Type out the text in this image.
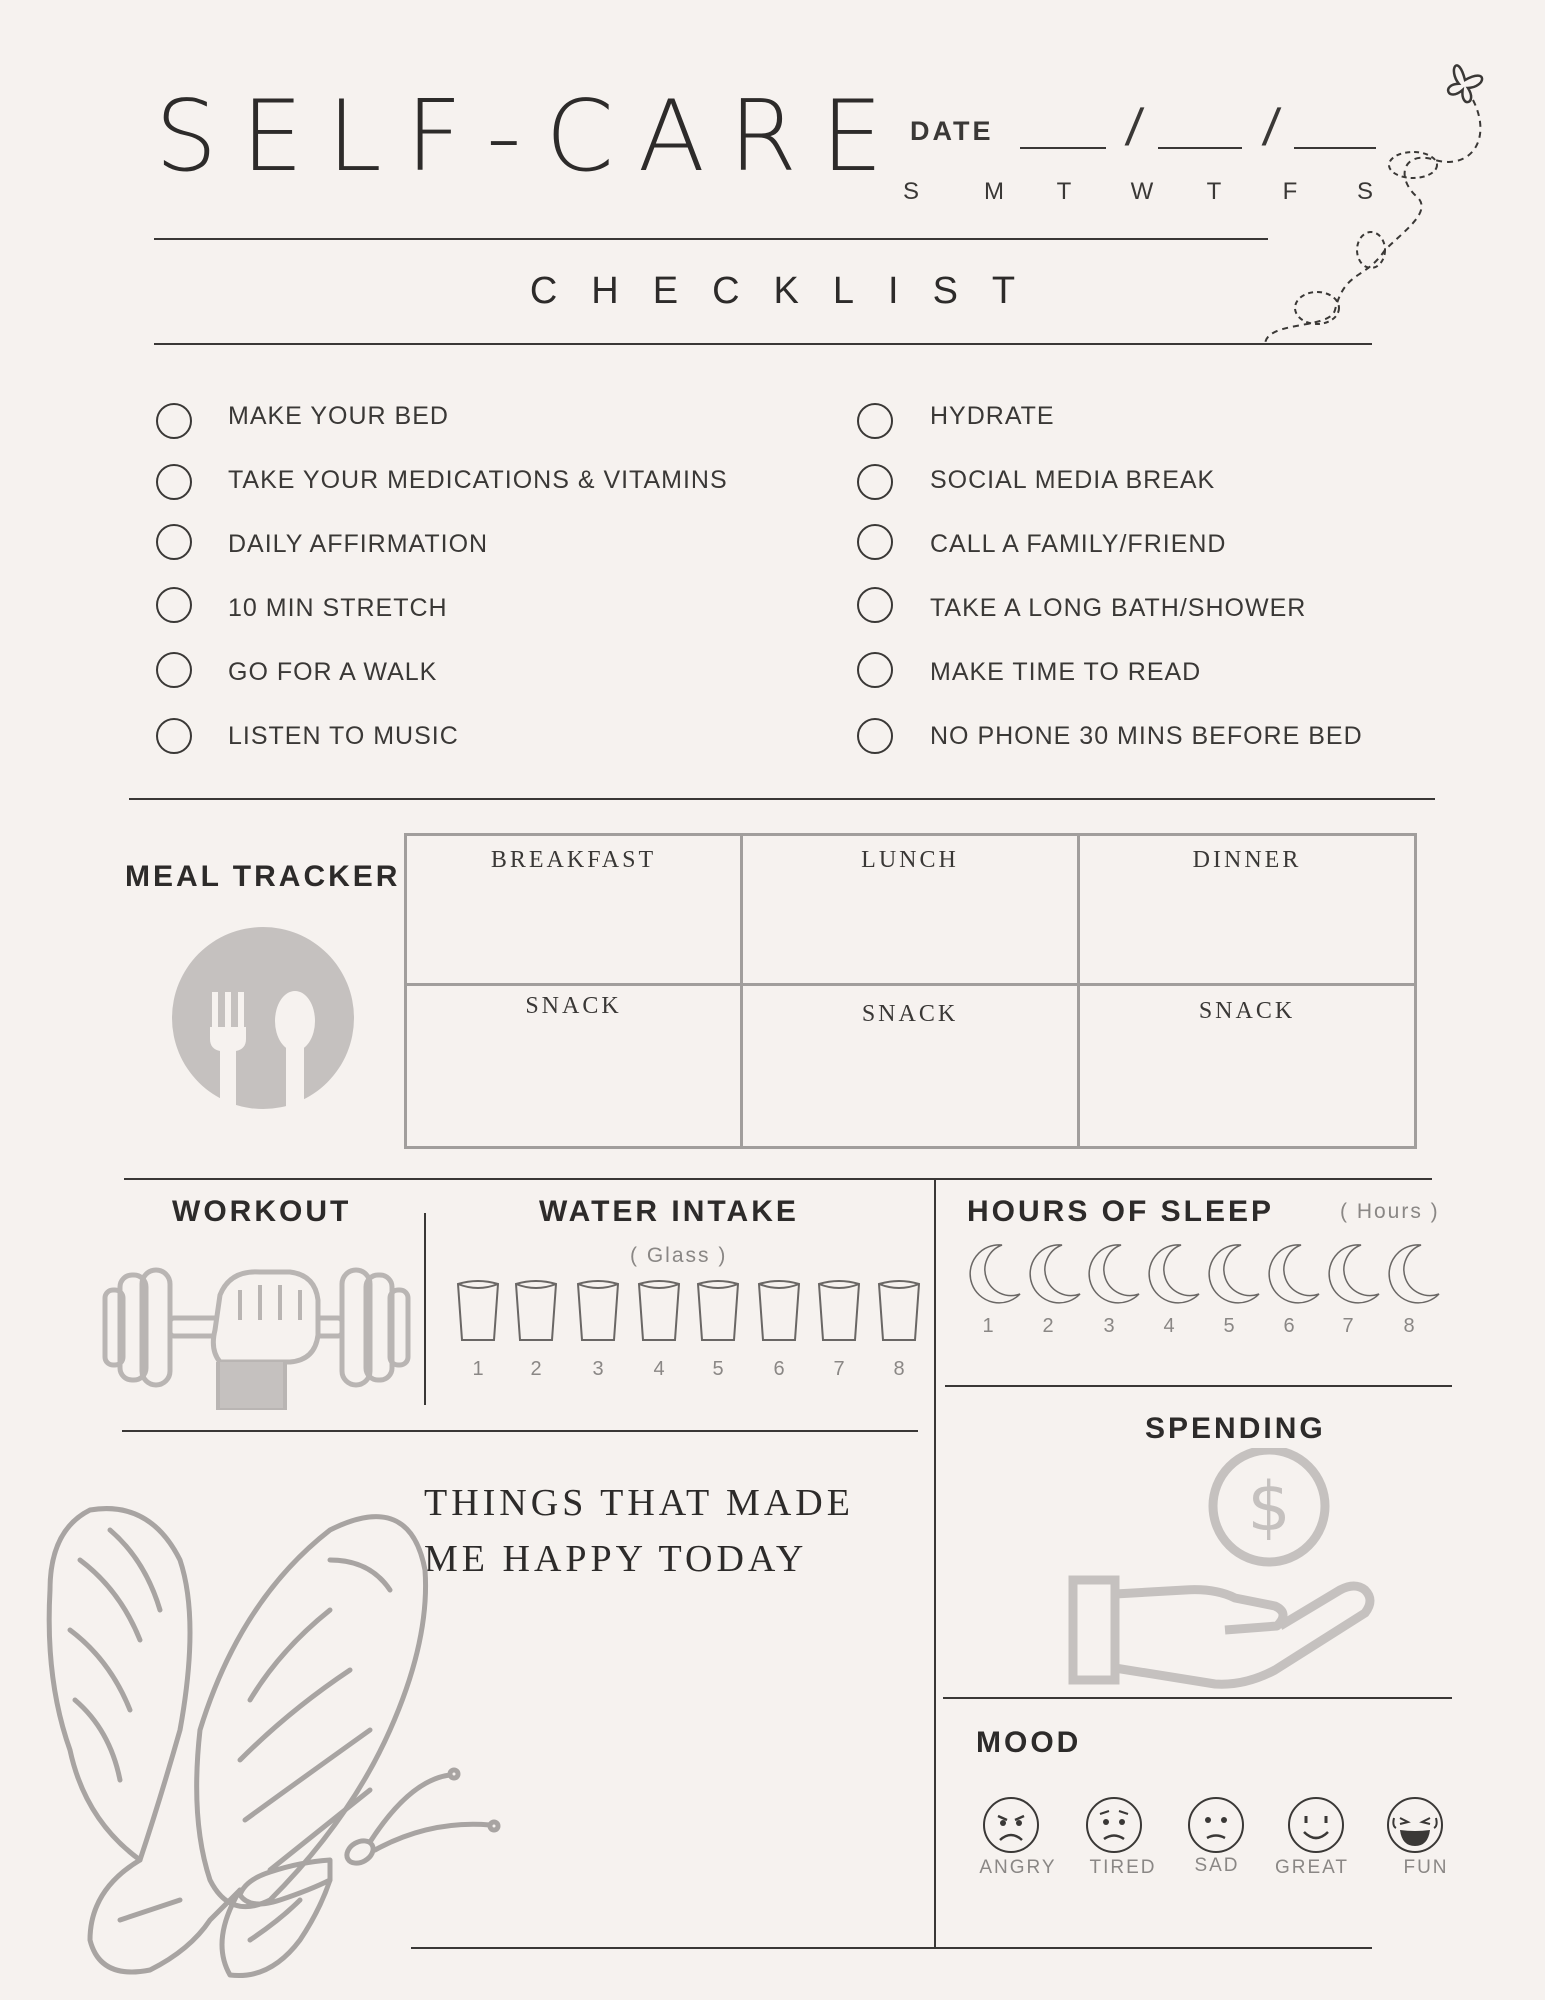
SELF-CARE DATE / /
S	M	T	W	T	F	S
CHECKLIST
MAKE YOUR BED
TAKE YOUR MEDICATIONS & VITAMINS
DAILY AFFIRMATION
10 MIN STRETCH
GO FOR A WALK
LISTEN TO MUSIC
HYDRATE
SOCIAL MEDIA BREAK
CALL A FAMILY/FRIEND
TAKE A LONG BATH/SHOWER
MAKE TIME TO READ
NO PHONE 30 MINS BEFORE BED
MEAL TRACKER	BREAKFAST	LUNCH	DINNER
SNACK	SNACK	SNACK
WORKOUT	WATER INTAKE
( Glass )
1	2	3	4	5	6	7	8
HOURS OF SLEEP	( Hours )
1	2	3	4	5	6	7	8
SPENDING
$
MOOD
ANGRY	TIRED	SAD	GREAT	FUN
THINGS THAT MADE
ME HAPPY TODAY
